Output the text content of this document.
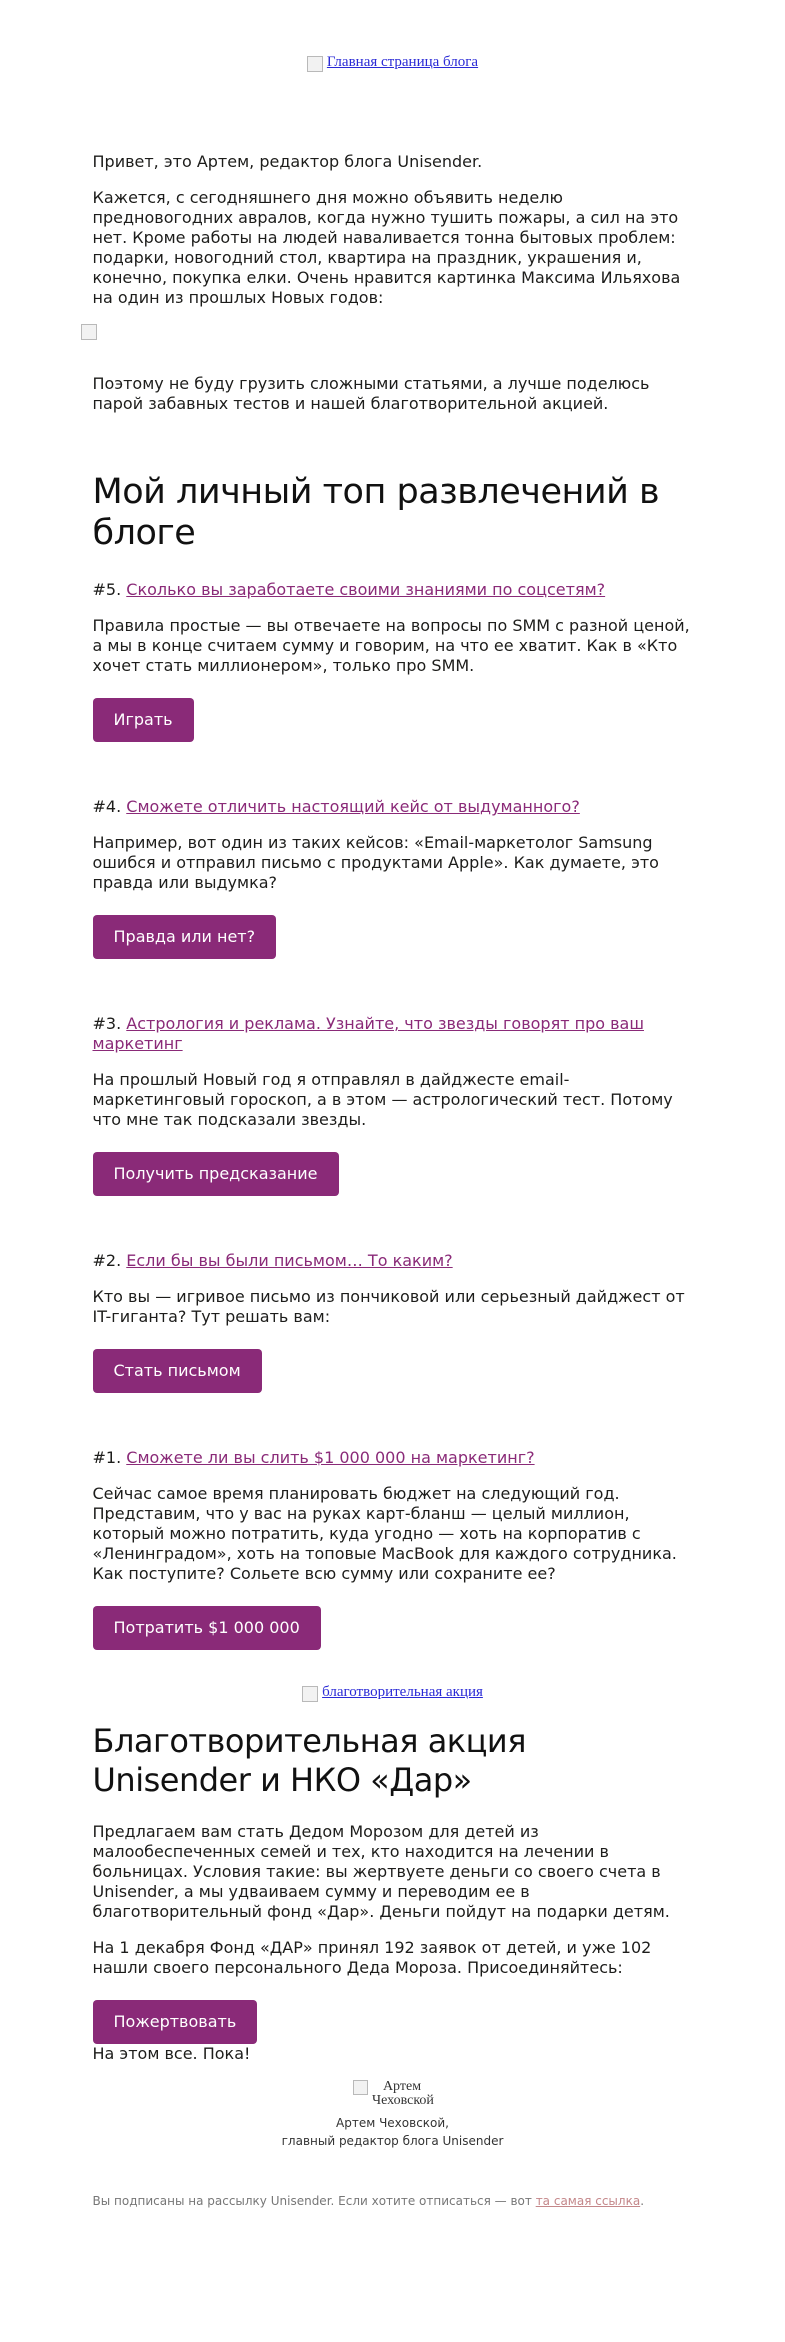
Главная страница блога

Привет, это Артем, редактор блога Unisender.

Кажется, с сегодняшнего дня можно объявить неделю предновогодних авралов, когда нужно тушить пожары, а сил на это нет. Кроме работы на людей наваливается тонна бытовых проблем: подарки, новогодний стол, квартира на праздник, украшения и, конечно, покупка елки. Очень нравится картинка Максима Ильяхова на один из прошлых Новых годов:

Поэтому не буду грузить сложными статьями, а лучше поделюсь парой забавных тестов и нашей благотворительной акцией.

Мой личный топ развлечений в блоге

#5. Сколько вы заработаете своими знаниями по соцсетям?

Правила простые — вы отвечаете на вопросы по SMM с разной ценой, а мы в конце считаем сумму и говорим, на что ее хватит. Как в «Кто хочет стать миллионером», только про SMM.

Играть

#4. Сможете отличить настоящий кейс от выдуманного?

Например, вот один из таких кейсов: «Email-маркетолог Samsung ошибся и отправил письмо с продуктами Apple». Как думаете, это правда или выдумка?

Правда или нет?

#3. Астрология и реклама. Узнайте, что звезды говорят про ваш маркетинг

На прошлый Новый год я отправлял в дайджесте email-маркетинговый гороскоп, а в этом — астрологический тест. Потому что мне так подсказали звезды.

Получить предсказание

#2. Если бы вы были письмом… То каким?

Кто вы — игривое письмо из пончиковой или серьезный дайджест от IT-гиганта? Тут решать вам:

Стать письмом

#1. Сможете ли вы слить $1 000 000 на маркетинг?

Сейчас самое время планировать бюджет на следующий год. Представим, что у вас на руках карт-бланш — целый миллион, который можно потратить, куда угодно — хоть на корпоратив с «Ленинградом», хоть на топовые MacBook для каждого сотрудника. Как поступите? Сольете всю сумму или сохраните ее?

Потратить $1 000 000
благотворительная акция
Благотворительная акция Unisender и НКО «Дар»

Предлагаем вам стать Дедом Морозом для детей из малообеспеченных семей и тех, кто находится на лечении в больницах. Условия такие: вы жертвуете деньги со своего счета в Unisender, а мы удваиваем сумму и переводим ее в благотворительный фонд «Дар». Деньги пойдут на подарки детям.

На 1 декабря Фонд «ДАР» принял 192 заявок от детей, и уже 102 нашли своего персонального Деда Мороза. Присоединяйтесь:

Пожертвовать

На этом все. Пока!

Артем Чеховской
Артем Чеховской,
главный редактор блога Unisender
Вы подписаны на рассылку Unisender. Если хотите отписаться — вот та самая ссылка.
